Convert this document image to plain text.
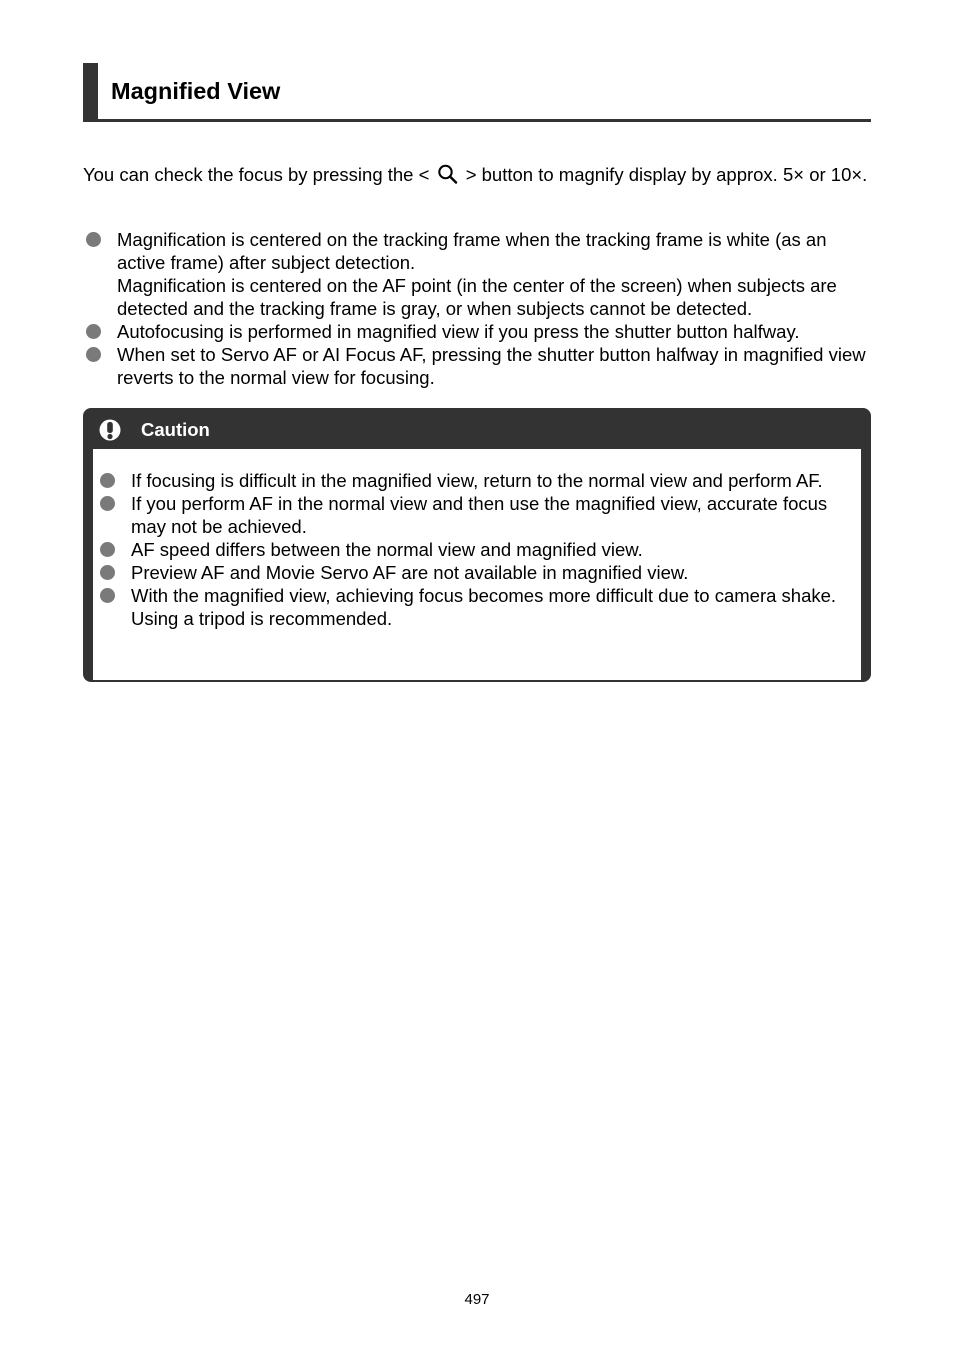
Magnified View
You can check the focus by pressing the < > button to magnify display by approx. 5× or 10×.
Magnification is centered on the tracking frame when the tracking frame is white (as an active frame) after subject detection.
Magnification is centered on the AF point (in the center of the screen) when subjects are detected and the tracking frame is gray, or when subjects cannot be detected.
Autofocusing is performed in magnified view if you press the shutter button halfway.
When set to Servo AF or AI Focus AF, pressing the shutter button halfway in magnified view reverts to the normal view for focusing.
Caution
If focusing is difficult in the magnified view, return to the normal view and perform AF.
If you perform AF in the normal view and then use the magnified view, accurate focus may not be achieved.
AF speed differs between the normal view and magnified view.
Preview AF and Movie Servo AF are not available in magnified view.
With the magnified view, achieving focus becomes more difficult due to camera shake. Using a tripod is recommended.
497
